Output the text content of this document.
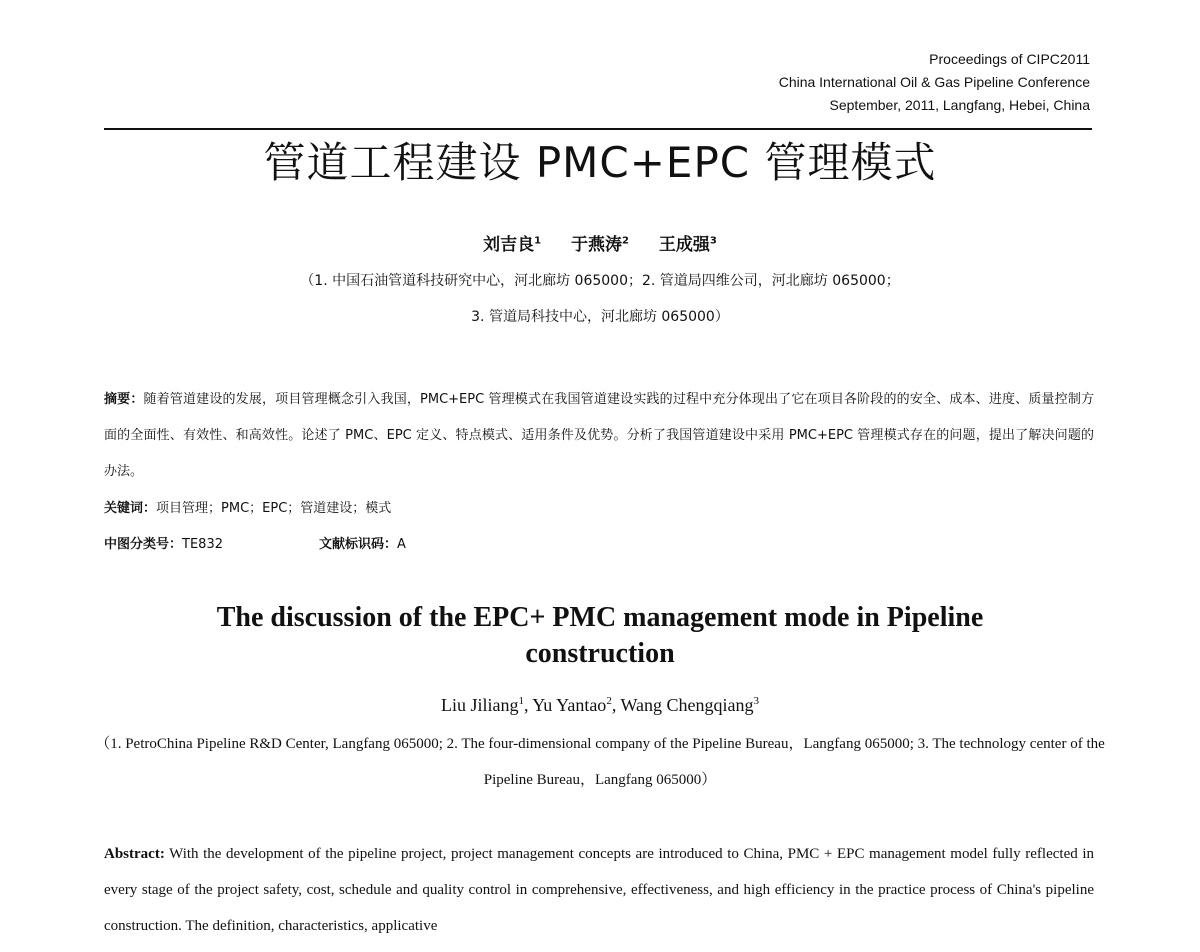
Proceedings of CIPC2011
China International Oil & Gas Pipeline Conference
September, 2011, Langfang, Hebei, China
管道工程建设 PMC+EPC 管理模式
刘吉良$^1$ 于燕涛$^2$ 王成强$^3$
（1. 中国石油管道科技研究中心，河北廊坊 065000；2. 管道局四维公司，河北廊坊 065000；
3. 管道局科技中心，河北廊坊 065000）
摘要：随着管道建设的发展，项目管理概念引入我国，PMC+EPC 管理模式在我国管道建设实践的过程中充分体现出了它在项目各阶段的的安全、成本、进度、质量控制方面的全面性、有效性、和高效性。论述了 PMC、EPC 定义、特点模式、适用条件及优势。分析了我国管道建设中采用 PMC+EPC 管理模式存在的问题，提出了解决问题的办法。
关键词：项目管理；PMC；EPC；管道建设；模式
中图分类号：TE832	文献标识码：A
The discussion of the EPC+ PMC management mode in Pipeline construction
Liu Jiliang$^1$, Yu Yantao$^2$, Wang Chengqiang$^3$
（1. PetroChina Pipeline R&D Center, Langfang 065000; 2. The four-dimensional company of the Pipeline Bureau，Langfang 065000; 3. The technology center of the Pipeline Bureau，Langfang 065000）
Abstract: With the development of the pipeline project, project management concepts are introduced to China, PMC + EPC management model fully reflected in every stage of the project safety, cost, schedule and quality control in comprehensive, effectiveness, and high efficiency in the practice process of China's pipeline construction. The definition, characteristics, applicative
